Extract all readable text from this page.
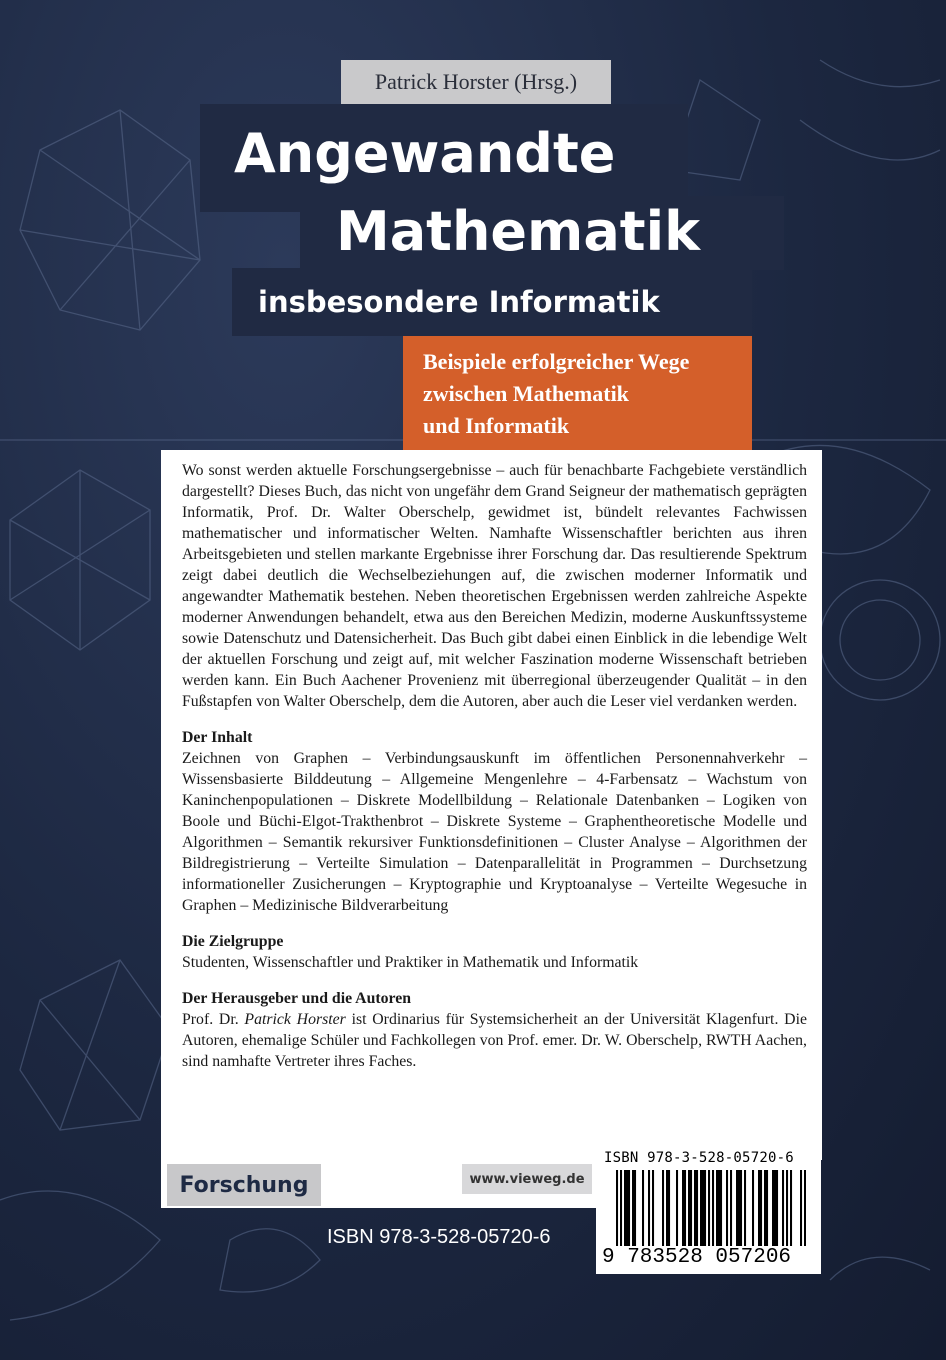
Patrick Horster (Hrsg.)
Angewandte
Mathematik
insbesondere Informatik
Beispiele erfolgreicher Wege
zwischen Mathematik
und Informatik

Wo sonst werden aktuelle Forschungsergebnisse – auch für benachbarte Fachgebiete verständlich dargestellt? Dieses Buch, das nicht von ungefähr dem Grand Seigneur der mathematisch geprägten Informatik, Prof. Dr. Walter Oberschelp, gewidmet ist, bündelt relevantes Fachwissen mathematischer und informatischer Welten. Namhafte Wissenschaftler berichten aus ihren Arbeitsgebieten und stellen markante Ergebnisse ihrer Forschung dar. Das resultierende Spektrum zeigt dabei deutlich die Wechselbeziehungen auf, die zwischen moderner Informatik und angewandter Mathematik bestehen. Neben theoretischen Ergebnissen werden zahlreiche Aspekte moderner Anwendungen behandelt, etwa aus den Bereichen Medizin, moderne Auskunftssysteme sowie Datenschutz und Datensicherheit. Das Buch gibt dabei einen Einblick in die lebendige Welt der aktuellen Forschung und zeigt auf, mit welcher Faszination moderne Wissenschaft betrieben werden kann. Ein Buch Aachener Provenienz mit überregional überzeugender Qualität – in den Fußstapfen von Walter Oberschelp, dem die Autoren, aber auch die Leser viel verdanken werden.

Der Inhalt

Zeichnen von Graphen – Verbindungsauskunft im öffentlichen Personennahverkehr – Wissensbasierte Bilddeutung – Allgemeine Mengenlehre – 4-Farbensatz – Wachstum von Kaninchenpopulationen – Diskrete Modellbildung – Relationale Datenbanken – Logiken von Boole und Büchi-Elgot-Trakthenbrot – Diskrete Systeme – Graphentheoretische Modelle und Algorithmen – Semantik rekursiver Funktionsdefinitionen – Cluster Analyse – Algorithmen der Bildregistrierung – Verteilte Simulation – Datenparallelität in Programmen – Durchsetzung informationeller Zusicherungen – Kryptographie und Kryptoanalyse – Verteilte Wegesuche in Graphen – Medizinische Bildverarbeitung

Die Zielgruppe

Studenten, Wissenschaftler und Praktiker in Mathematik und Informatik

Der Herausgeber und die Autoren

Prof. Dr. Patrick Horster ist Ordinarius für Systemsicherheit an der Universität Klagenfurt. Die Autoren, ehemalige Schüler und Fachkollegen von Prof. emer. Dr. W. Oberschelp, RWTH Aachen, sind namhafte Vertreter ihres Faches.

Forschung	www.vieweg.de
ISBN 978-3-528-05720-6
ISBN 978-3-528-05720-6
9 783528 057206
